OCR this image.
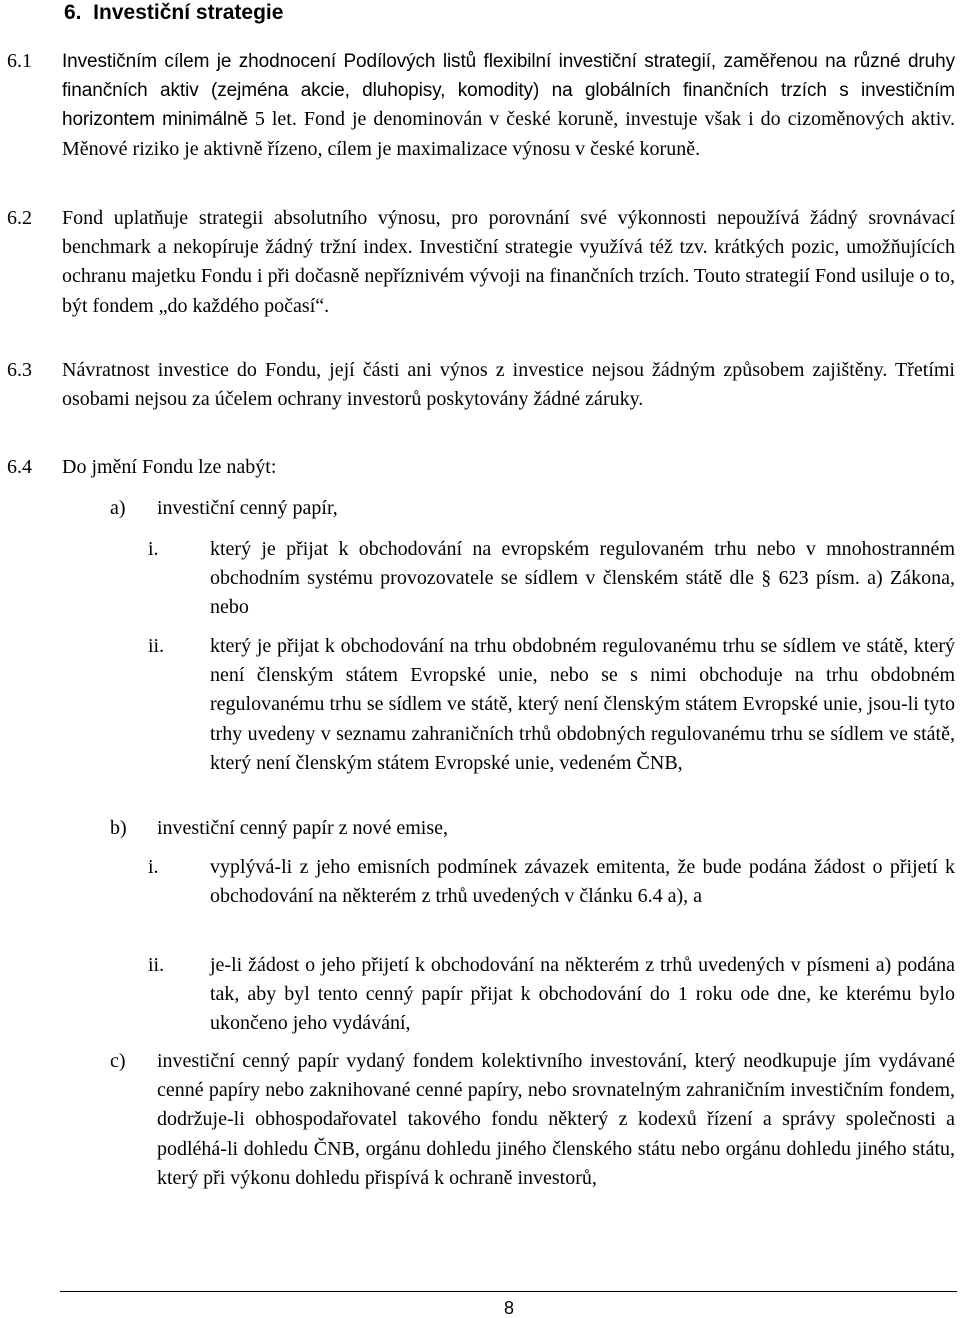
6.  Investiční strategie
6.1 Investičním cílem je zhodnocení Podílových listů flexibilní investiční strategií, zaměřenou na různé druhy finančních aktiv (zejména akcie, dluhopisy, komodity) na globálních finančních trzích s investičním horizontem minimálně 5 let. Fond je denominován v české koruně, investuje však i do cizoměnových aktiv. Měnové riziko je aktivně řízeno, cílem je maximalizace výnosu v české koruně.
6.2 Fond uplatňuje strategii absolutního výnosu, pro porovnání své výkonnosti nepoužívá žádný srovnávací benchmark a nekopíruje žádný tržní index. Investiční strategie využívá též tzv. krátkých pozic, umožňujících ochranu majetku Fondu i při dočasně nepříznivém vývoji na finančních trzích. Touto strategií Fond usiluje o to, být fondem „do každého počasí“.
6.3 Návratnost investice do Fondu, její části ani výnos z investice nejsou žádným způsobem zajištěny. Třetími osobami nejsou za účelem ochrany investorů poskytovány žádné záruky.
6.4 Do jmění Fondu lze nabýt:
a) investiční cenný papír,
i.	který je přijat k obchodování na evropském regulovaném trhu nebo v mnohostranném obchodním systému provozovatele se sídlem v členském státě dle § 623 písm. a) Zákona, nebo
ii. který je přijat k obchodování na trhu obdobném regulovanému trhu se sídlem ve státě, který není členským státem Evropské unie, nebo se s nimi obchoduje na trhu obdobném regulovanému trhu se sídlem ve státě, který není členským státem Evropské unie, jsou-li tyto trhy uvedeny v seznamu zahraničních trhů obdobných regulovanému trhu se sídlem ve státě, který není členským státem Evropské unie, vedeném ČNB,
b) investiční cenný papír z nové emise,
i.	vyplývá-li z jeho emisních podmínek závazek emitenta, že bude podána žádost o přijetí k obchodování na některém z trhů uvedených v článku 6.4 a), a
ii. je-li žádost o jeho přijetí k obchodování na některém z trhů uvedených v písmeni a) podána tak, aby byl tento cenný papír přijat k obchodování do 1 roku ode dne, ke kterému bylo ukončeno jeho vydávání,
c) investiční cenný papír vydaný fondem kolektivního investování, který neodkupuje jím vydávané cenné papíry nebo zaknihované cenné papíry, nebo srovnatelným zahraničním investičním fondem, dodržuje-li obhospodařovatel takového fondu některý z kodexů řízení a správy společnosti a podléhá-li dohledu ČNB, orgánu dohledu jiného členského státu nebo orgánu dohledu jiného státu, který při výkonu dohledu přispívá k ochraně investorů,
8
